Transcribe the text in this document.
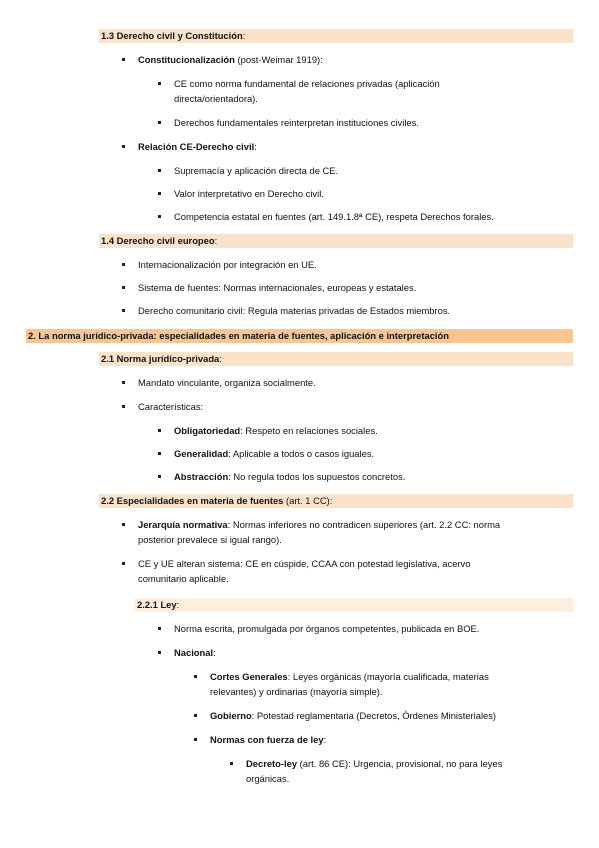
1.3 Derecho civil y Constitución:
Constitucionalización (post-Weimar 1919):
CE como norma fundamental de relaciones privadas (aplicación
directa/orientadora).
Derechos fundamentales reinterpretan instituciones civiles.
Relación CE-Derecho civil:
Supremacía y aplicación directa de CE.
Valor interpretativo en Derecho civil.
Competencia estatal en fuentes (art. 149.1.8ª CE), respeta Derechos forales.
1.4 Derecho civil europeo:
Internacionalización por integración en UE.
Sistema de fuentes: Normas internacionales, europeas y estatales.
Derecho comunitario civil: Regula materias privadas de Estados miembros.
2. La norma jurídico-privada: especialidades en materia de fuentes, aplicación e interpretación
2.1 Norma jurídico-privada:
Mandato vinculante, organiza socialmente.
Características:
Obligatoriedad: Respeto en relaciones sociales.
Generalidad: Aplicable a todos o casos iguales.
Abstracción: No regula todos los supuestos concretos.
2.2 Especialidades en materia de fuentes (art. 1 CC):
Jerarquía normativa: Normas inferiores no contradicen superiores (art. 2.2 CC: norma
posterior prevalece si igual rango).
CE y UE alteran sistema: CE en cúspide, CCAA con potestad legislativa, acervo
comunitario aplicable.
2.2.1 Ley:
Norma escrita, promulgada por órganos competentes, publicada en BOE.
Nacional:
Cortes Generales: Leyes orgánicas (mayoría cualificada, materias
relevantes) y ordinarias (mayoría simple).
Gobierno: Potestad reglamentaria (Decretos, Órdenes Ministeriales)
Normas con fuerza de ley:
Decreto-ley (art. 86 CE): Urgencia, provisional, no para leyes
orgánicas.
